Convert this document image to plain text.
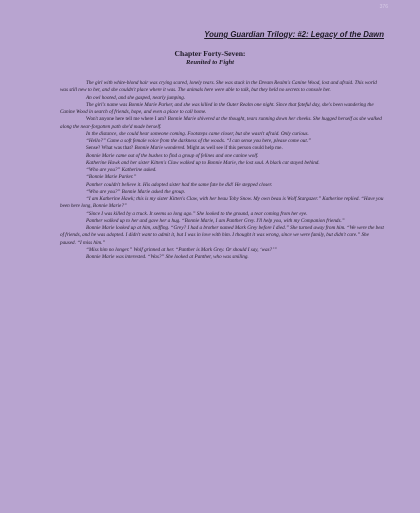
376
Young Guardian Trilogy: #2: Legacy of the Dawn
Chapter Forty-Seven:
Reunited to Fight

The girl with white-blond hair was crying scared, lonely tears. She was stuck in the Dream Realm's Canine Wood, lost and afraid. This world was still new to her, and she couldn't place where it was. The animals here were able to talk, but they held no secrets to console her.

An owl hooted, and she gasped, nearly jumping.

The girl's name was Bonnie Marie Parker, and she was killed in the Outer Realm one night. Since that fateful day, she's been wandering the Canine Wood in search of friends, hope, and even a place to call home.

Won't anyone here tell me where I am? Bonnie Marie shivered at the thought, tears running down her cheeks. She hugged herself as she walked along the near-forgotten path she'd made herself.

In the distance, she could hear someone coming. Footsteps came closer, but she wasn't afraid. Only curious.

“Hello?” Came a soft female voice from the darkness of the woods. “I can sense you here, please come out.”

Sense? What was that? Bonnie Marie wondered. Might as well see if this person could help me.

Bonnie Marie came out of the bushes to find a group of felines and one canine wolf.

Katherine Hawk and her sister Kitten's Claw walked up to Bonnie Marie, the lost soul. A black cat stayed behind.

“Who are you?” Katherine asked.

“Bonnie Marie Parker.”

Panther couldn't believe it. His adopted sister had the same fate he did! He stepped closer.

“Who are you?” Bonnie Marie asked the group.

“I am Katherine Hawk; this is my sister Kitten's Claw, with her beau Toby Snow. My own beau is Wolf Stargazer.” Katherine replied. “Have you been here long, Bonnie Marie?”

“Since I was killed by a truck. It seems so long ago.” She looked to the ground, a tear coming from her eye.

Panther walked up to her and gave her a hug. “Bonnie Marie, I am Panther Grey. I'll help you, with my Companion friends.”

Bonnie Marie looked up at him, sniffing. “Grey? I had a brother named Mark Grey before I died.” She turned away from him. “We were the best of friends, and he was adopted. I didn't want to admit it, but I was in love with him. I thought it was wrong, since we were family, but didn't care.” She paused. “I miss him.”

“Miss him no longer.” Wolf grinned at her. “Panther is Mark Grey. Or should I say, ‘was?’”

Bonnie Marie was interested. “Was?” She looked at Panther, who was smiling.
